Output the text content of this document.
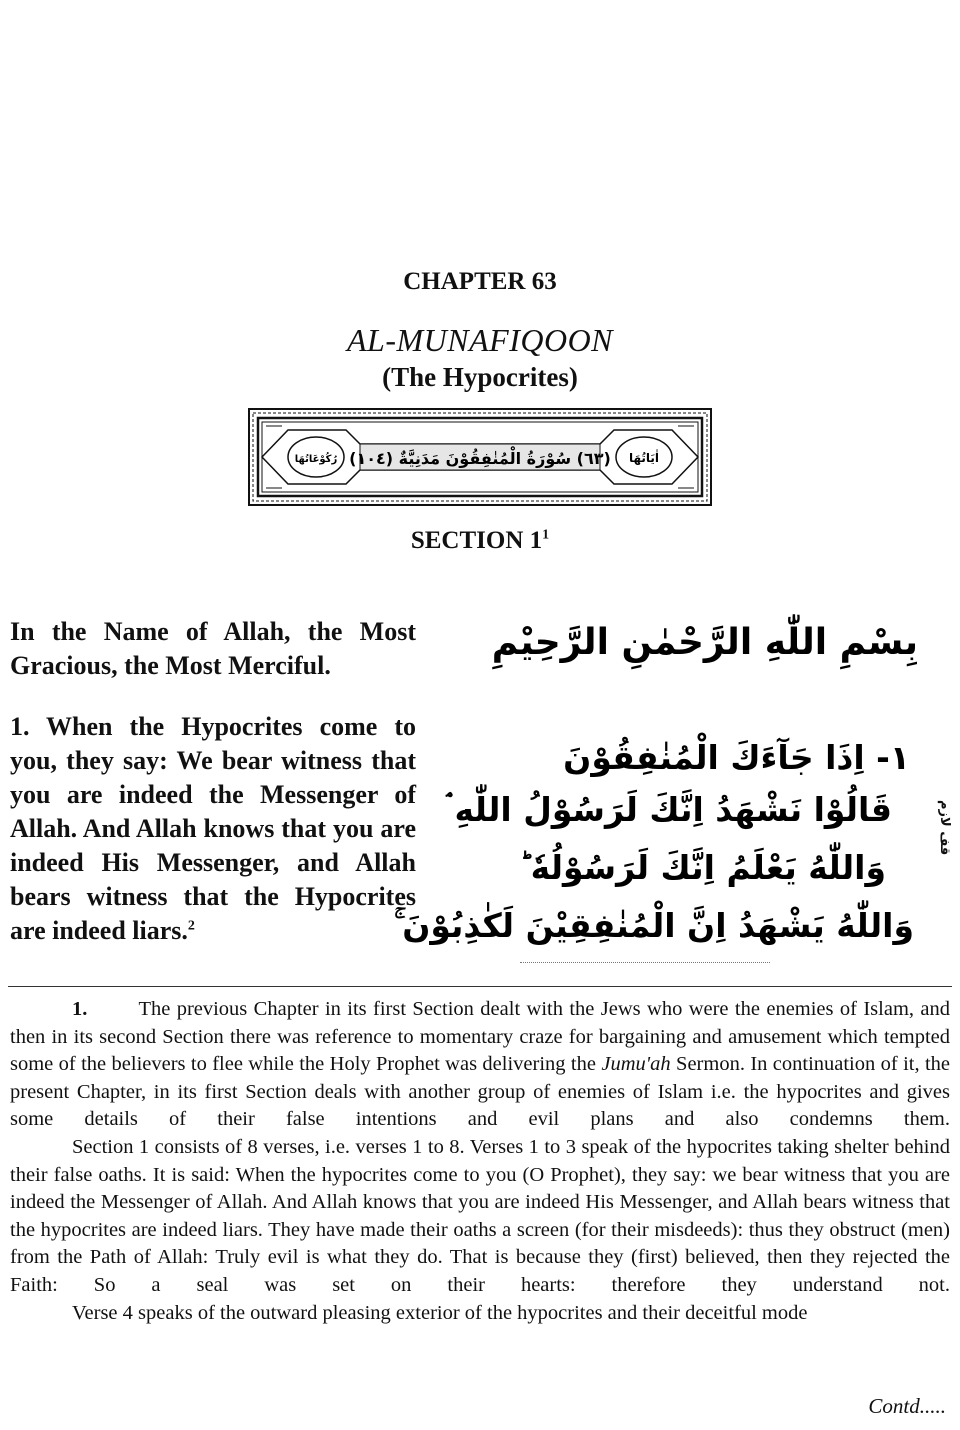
CHAPTER 63
AL-MUNAFIQOON
(The Hypocrites)
(٦٣) سُوْرَةُ الْمُنٰفِقُوْنَ مَدَنِيَّةٌ (١٠٤) اٰيَاتُهَا
رُكُوْعَاتُهَا
SECTION $1^1$
In the Name of Allah, the Most Gracious, the Most Merciful.
بِسْمِ اللّٰهِ الرَّحْمٰنِ الرَّحِيْمِ
1. When the Hypocrites come to you, they say: We bear witness that you are indeed the Messenger of Allah. And Allah knows that you are indeed His Messenger, and Allah bears witness that the Hypocrites are indeed liars.$^2$
١- اِذَا جَآءَكَ الْمُنٰفِقُوْنَ
قَالُوْا نَشْهَدُ اِنَّكَ لَرَسُوْلُ اللّٰهِ ۘ
وَاللّٰهُ يَعْلَمُ اِنَّكَ لَرَسُوْلُهٗ ؕ
وَاللّٰهُ يَشْهَدُ اِنَّ الْمُنٰفِقِيْنَ لَكٰذِبُوْنَ ۚ
قف لازم

1. The previous Chapter in its first Section dealt with the Jews who were the enemies of Islam, and then in its second Section there was reference to momentary craze for bargaining and amusement which tempted some of the believers to flee while the Holy Prophet was delivering the Jumu'ah Sermon. In continuation of it, the present Chapter, in its first Section deals with another group of enemies of Islam i.e. the hypocrites and gives some details of their false intentions and evil plans and also condemns them.

Section 1 consists of 8 verses, i.e. verses 1 to 8. Verses 1 to 3 speak of the hypocrites taking shelter behind their false oaths. It is said: When the hypocrites come to you (O Prophet), they say: we bear witness that you are indeed the Messenger of Allah. And Allah knows that you are indeed His Messenger, and Allah bears witness that the hypocrites are indeed liars. They have made their oaths a screen (for their misdeeds): thus they obstruct (men) from the Path of Allah: Truly evil is what they do. That is because they (first) believed, then they rejected the Faith: So a seal was set on their hearts: therefore they understand not.

Verse 4 speaks of the outward pleasing exterior of the hypocrites and their deceitful mode

Contd.....
